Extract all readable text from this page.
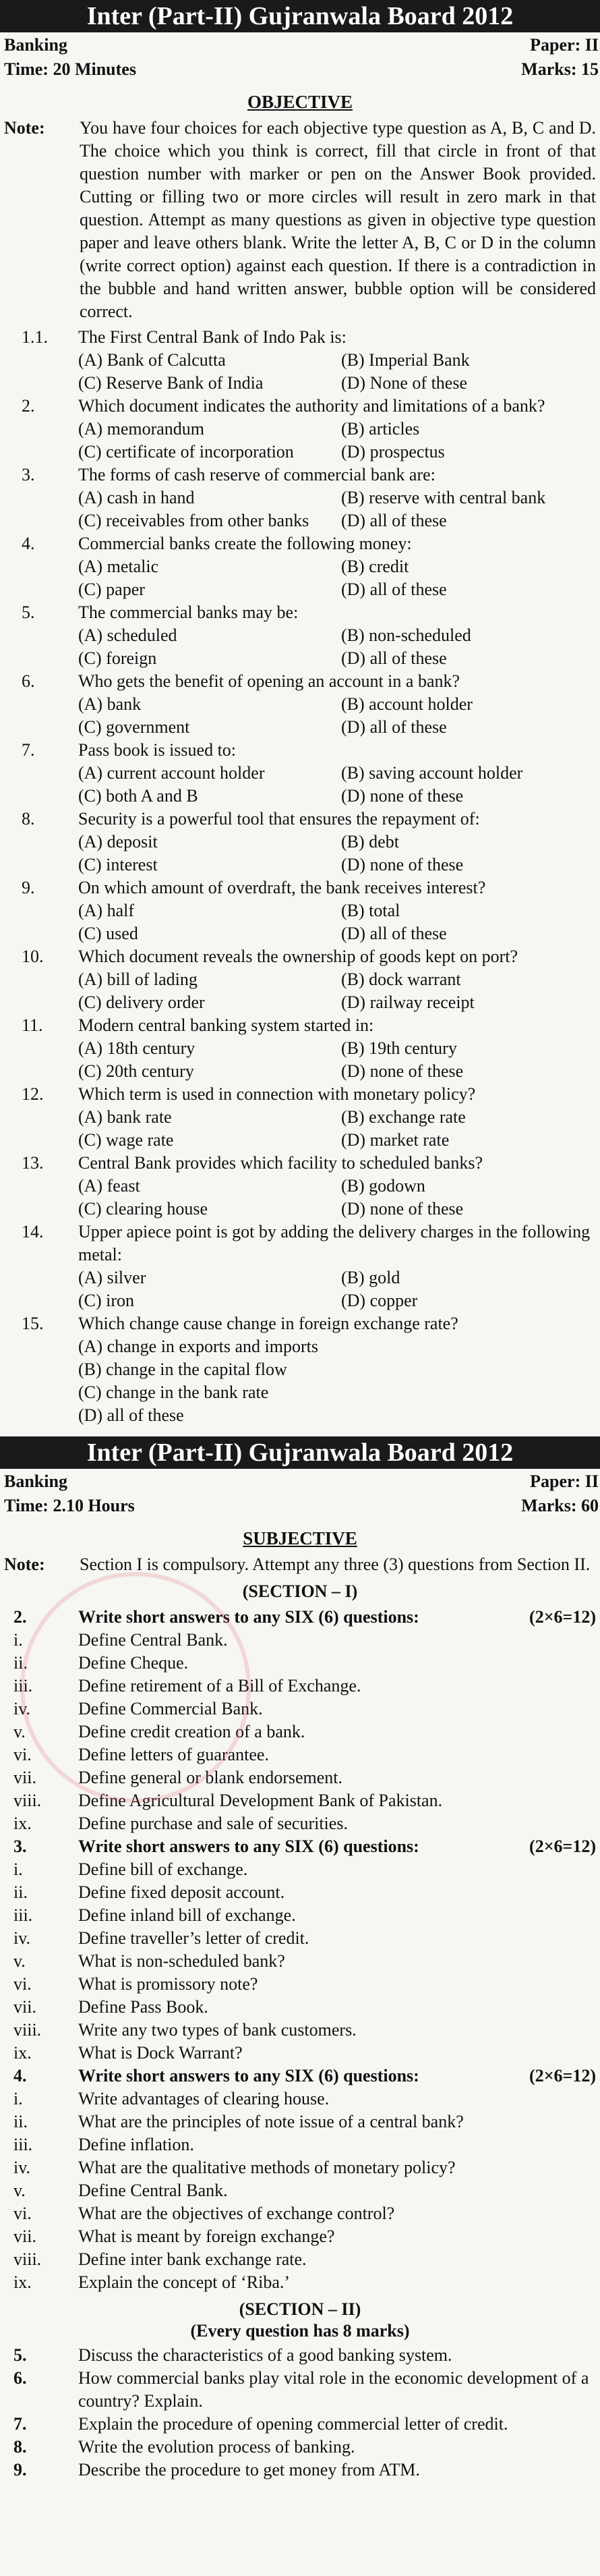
Inter (Part-II) Gujranwala Board 2012
Banking
Time: 20 Minutes
Paper: II
Marks: 15
OBJECTIVE
Note: You have four choices for each objective type question as A, B, C and D. The choice which you think is correct, fill that circle in front of that question number with marker or pen on the Answer Book provided. Cutting or filling two or more circles will result in zero mark in that question. Attempt as many questions as given in objective type question paper and leave others blank. Write the letter A, B, C or D in the column (write correct option) against each question. If there is a contradiction in the bubble and hand written answer, bubble option will be considered correct.
1.1. The First Central Bank of Indo Pak is:
(A) Bank of Calcutta	(B) Imperial Bank
(C) Reserve Bank of India	(D) None of these
2. Which document indicates the authority and limitations of a bank?
(A) memorandum	(B) articles
(C) certificate of incorporation	(D) prospectus
3. The forms of cash reserve of commercial bank are:
(A) cash in hand	(B) reserve with central bank
(C) receivables from other banks	(D) all of these
4. Commercial banks create the following money:
(A) metalic	(B) credit
(C) paper	(D) all of these
5. The commercial banks may be:
(A) scheduled	(B) non-scheduled
(C) foreign	(D) all of these
6. Who gets the benefit of opening an account in a bank?
(A) bank	(B) account holder
(C) government	(D) all of these
7. Pass book is issued to:
(A) current account holder	(B) saving account holder
(C) both A and B	(D) none of these
8. Security is a powerful tool that ensures the repayment of:
(A) deposit	(B) debt
(C) interest	(D) none of these
9. On which amount of overdraft, the bank receives interest?
(A) half	(B) total
(C) used	(D) all of these
10. Which document reveals the ownership of goods kept on port?
(A) bill of lading	(B) dock warrant
(C) delivery order	(D) railway receipt
11. Modern central banking system started in:
(A) 18th century	(B) 19th century
(C) 20th century	(D) none of these
12. Which term is used in connection with monetary policy?
(A) bank rate	(B) exchange rate
(C) wage rate	(D) market rate
13. Central Bank provides which facility to scheduled banks?
(A) feast	(B) godown
(C) clearing house	(D) none of these
14. Upper apiece point is got by adding the delivery charges in the following metal:
(A) silver	(B) gold
(C) iron	(D) copper
15. Which change cause change in foreign exchange rate?
(A) change in exports and imports
(B) change in the capital flow
(C) change in the bank rate
(D) all of these
Inter (Part-II) Gujranwala Board 2012
Banking
Time: 2.10 Hours
Paper: II
Marks: 60
SUBJECTIVE
Note: Section I is compulsory. Attempt any three (3) questions from Section II.
(SECTION – I)
2.	Write short answers to any SIX (6) questions:	(2×6=12)
i.	Define Central Bank.
ii.	Define Cheque.
iii.	Define retirement of a Bill of Exchange.
iv.	Define Commercial Bank.
v.	Define credit creation of a bank.
vi.	Define letters of guarantee.
vii. Define general or blank endorsement.
viii. Define Agricultural Development Bank of Pakistan.
ix.	Define purchase and sale of securities.
3.	Write short answers to any SIX (6) questions:	(2×6=12)
i.	Define bill of exchange.
ii.	Define fixed deposit account.
iii.	Define inland bill of exchange.
iv.	Define traveller’s letter of credit.
v.	What is non-scheduled bank?
vi.	What is promissory note?
vii. Define Pass Book.
viii. Write any two types of bank customers.
ix.	What is Dock Warrant?
4.	Write short answers to any SIX (6) questions:	(2×6=12)
i.	Write advantages of clearing house.
ii.	What are the principles of note issue of a central bank?
iii.	Define inflation.
iv.	What are the qualitative methods of monetary policy?
v.	Define Central Bank.
vi.	What are the objectives of exchange control?
vii. What is meant by foreign exchange?
viii. Define inter bank exchange rate.
ix.	Explain the concept of ‘Riba.’
(SECTION – II)
(Every question has 8 marks)
5.	Discuss the characteristics of a good banking system.
6.	How commercial banks play vital role in the economic development of a country? Explain.
7.	Explain the procedure of opening commercial letter of credit.
8.	Write the evolution process of banking.
9.	Describe the procedure to get money from ATM.
